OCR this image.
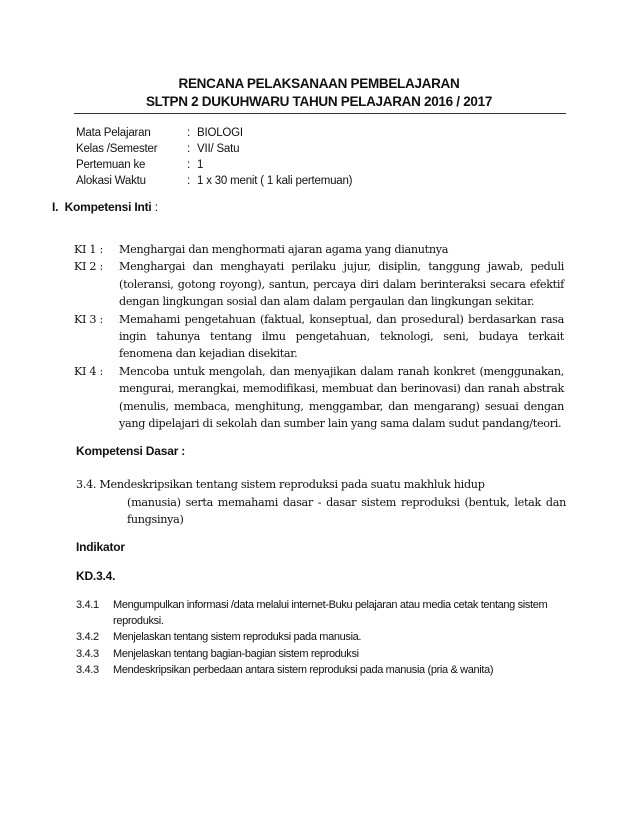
RENCANA PELAKSANAAN PEMBELAJARAN
SLTPN 2 DUKUHWARU TAHUN PELAJARAN 2016 / 2017
Mata Pelajaran	: BIOLOGI
Kelas /Semester	: VII/ Satu
Pertemuan ke	: 1
Alokasi Waktu	: 1 x 30 menit ( 1 kali pertemuan)
I. Kompetensi Inti :
KI 1 : Menghargai dan menghormati ajaran agama yang dianutnya
KI 2 : Menghargai dan menghayati perilaku jujur, disiplin, tanggung jawab, peduli (toleransi, gotong royong), santun, percaya diri dalam berinteraksi secara efektif dengan lingkungan sosial dan alam dalam pergaulan dan lingkungan sekitar.
KI 3 : Memahami pengetahuan (faktual, konseptual, dan prosedural) berdasarkan rasa ingin tahunya tentang ilmu pengetahuan, teknologi, seni, budaya terkait fenomena dan kejadian disekitar.
KI 4 : Mencoba untuk mengolah, dan menyajikan dalam ranah konkret (menggunakan, mengurai, merangkai, memodifikasi, membuat dan berinovasi) dan ranah abstrak (menulis, membaca, menghitung, menggambar, dan mengarang) sesuai dengan yang dipelajari di sekolah dan sumber lain yang sama dalam sudut pandang/teori.
Kompetensi Dasar :
3.4. Mendeskripsikan tentang sistem reproduksi pada suatu makhluk hidup
(manusia) serta memahami dasar - dasar sistem reproduksi (bentuk, letak dan fungsinya)
Indikator
KD.3.4.
3.4.1 Mengumpulkan informasi /data melalui internet-Buku pelajaran atau media cetak tentang sistem reproduksi.
3.4.2 Menjelaskan tentang sistem reproduksi pada manusia.
3.4.3 Menjelaskan tentang bagian-bagian sistem reproduksi
3.4.3 Mendeskripsikan perbedaan antara sistem reproduksi pada manusia (pria & wanita)
